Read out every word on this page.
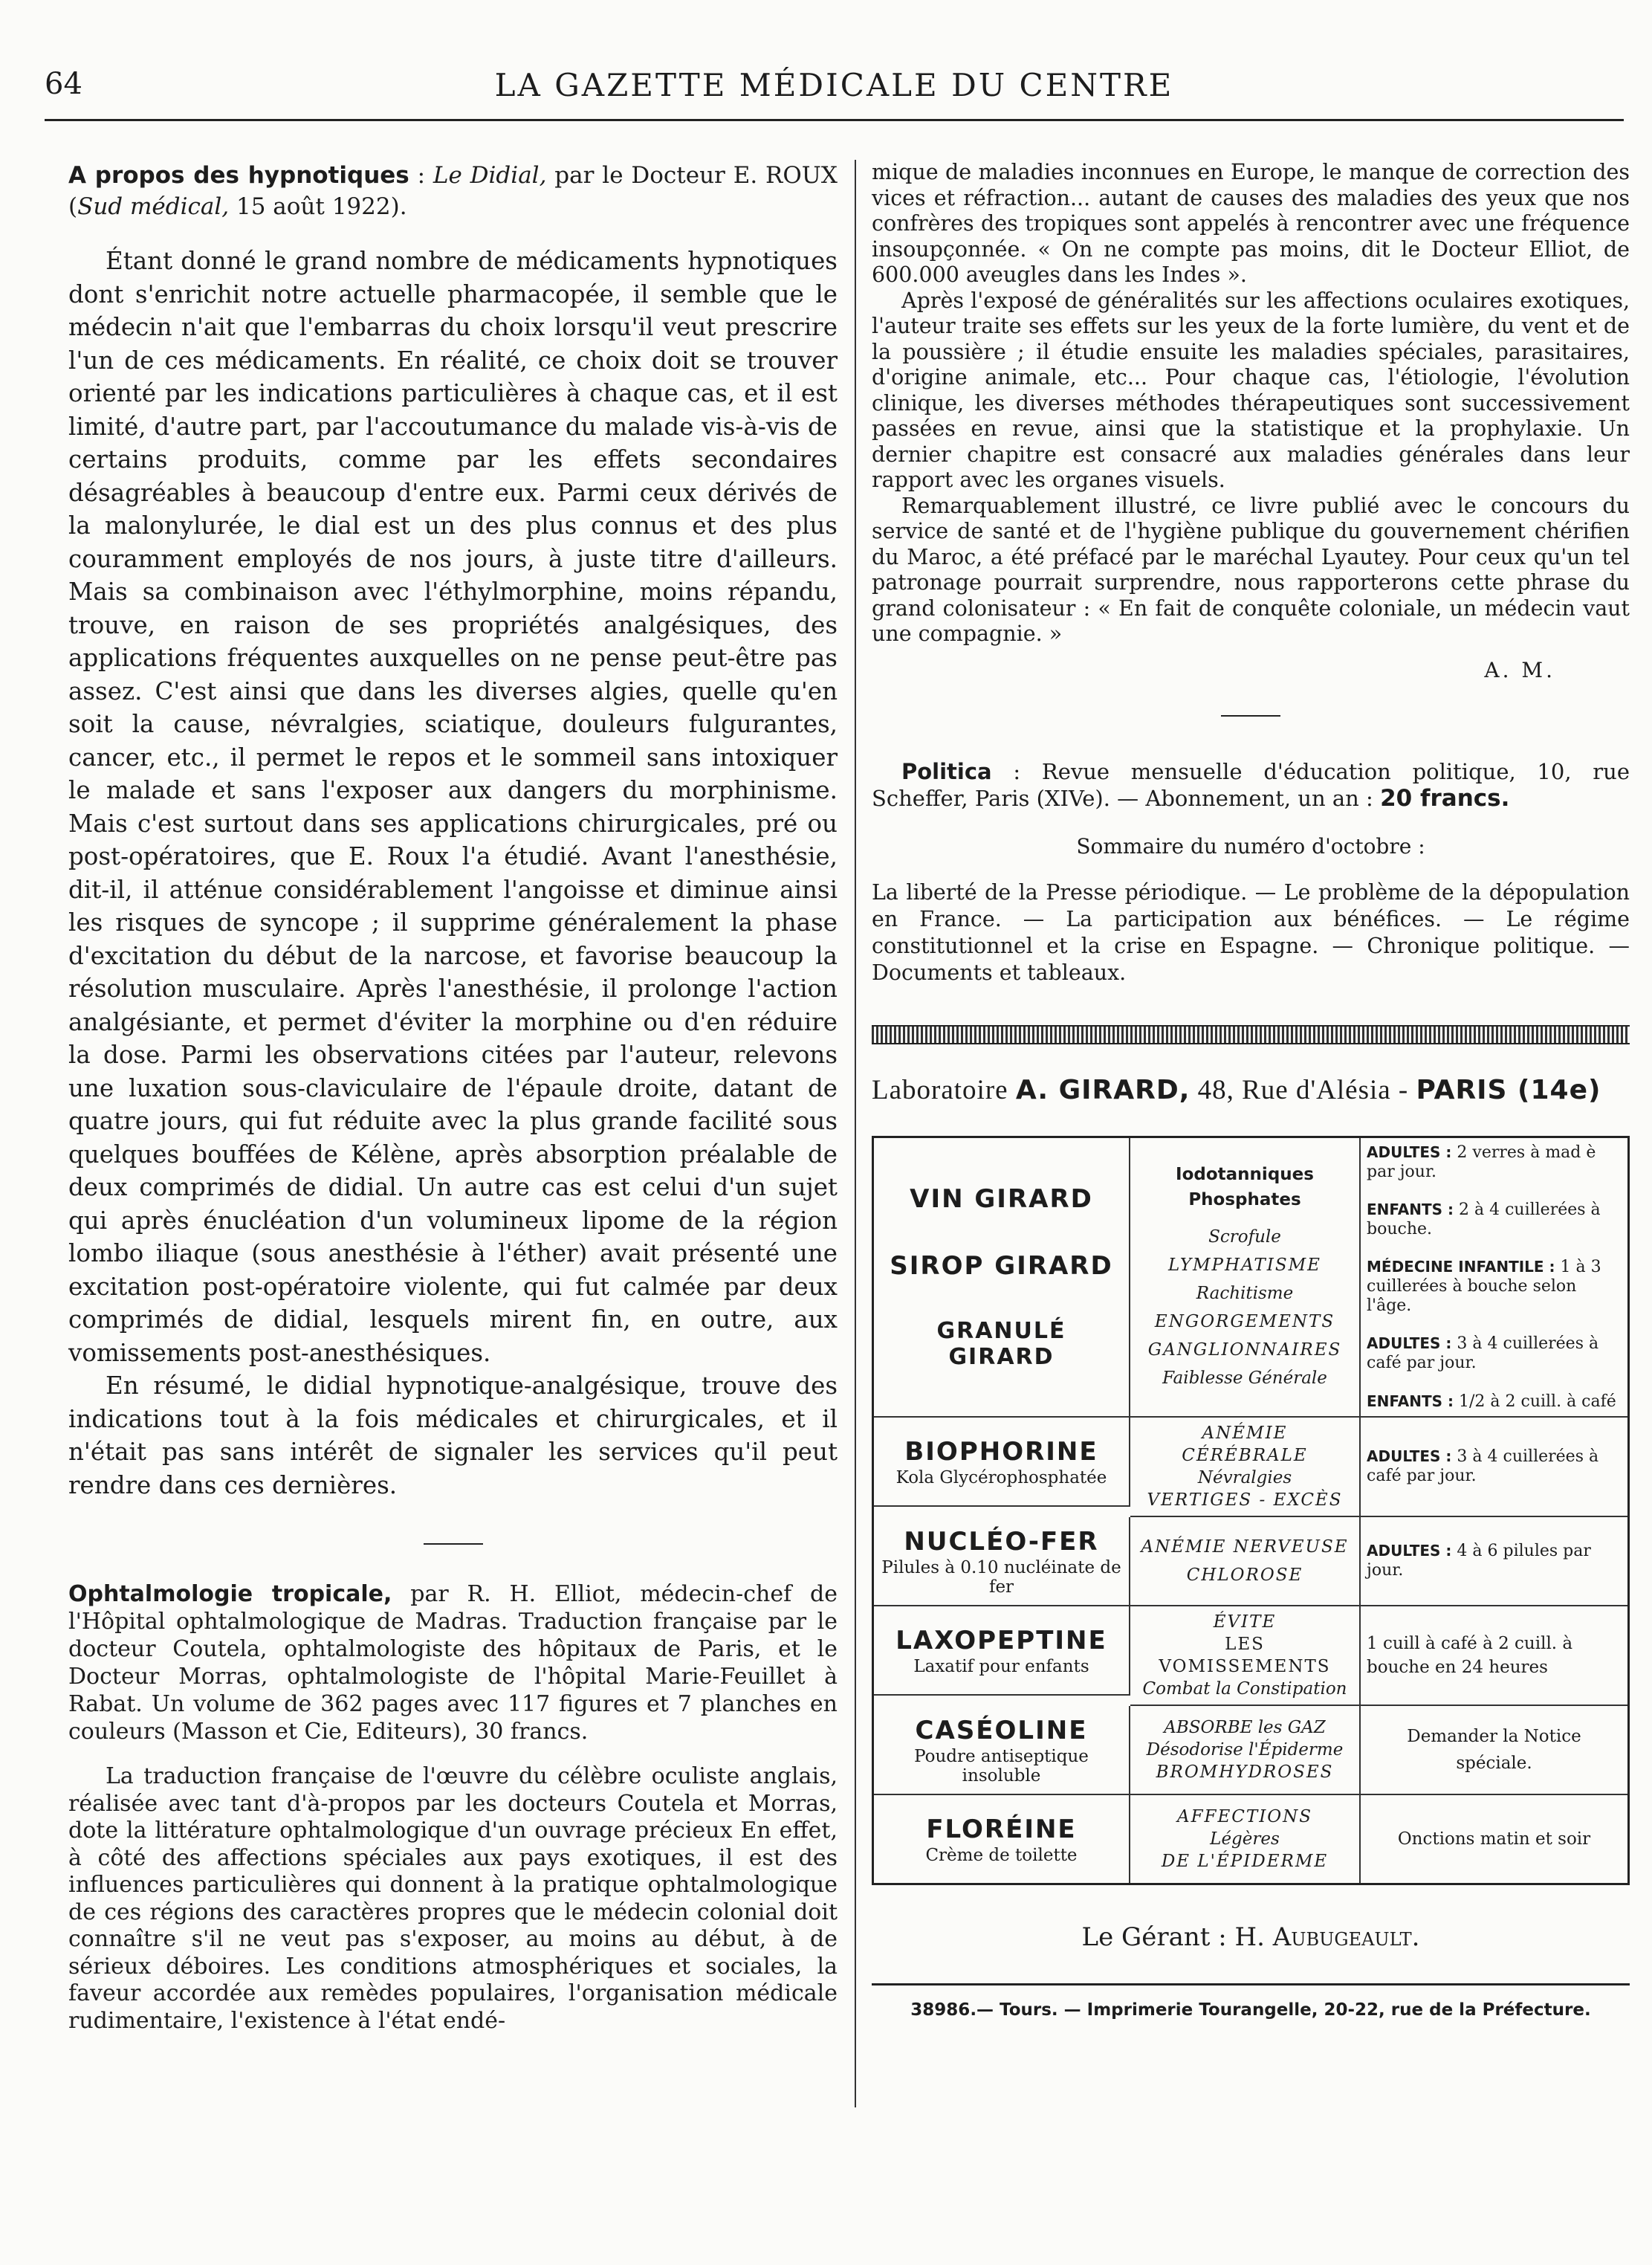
64	LA GAZETTE MÉDICALE DU CENTRE

A propos des hypnotiques : Le Didial, par le Docteur E. ROUX (Sud médical, 15 août 1922).

Étant donné le grand nombre de médicaments hypnotiques dont s'enrichit notre actuelle pharmacopée, il semble que le médecin n'ait que l'embarras du choix lorsqu'il veut prescrire l'un de ces médicaments. En réalité, ce choix doit se trouver orienté par les indications particulières à chaque cas, et il est limité, d'autre part, par l'accoutumance du malade vis-à-vis de certains produits, comme par les effets secondaires désagréables à beaucoup d'entre eux. Parmi ceux dérivés de la malonylurée, le dial est un des plus connus et des plus couramment employés de nos jours, à juste titre d'ailleurs. Mais sa combinaison avec l'éthylmorphine, moins répandu, trouve, en raison de ses propriétés analgésiques, des applications fréquentes auxquelles on ne pense peut-être pas assez. C'est ainsi que dans les diverses algies, quelle qu'en soit la cause, névralgies, sciatique, douleurs fulgurantes, cancer, etc., il permet le repos et le sommeil sans intoxiquer le malade et sans l'exposer aux dangers du morphinisme. Mais c'est surtout dans ses applications chirurgicales, pré ou post-opératoires, que E. Roux l'a étudié. Avant l'anesthésie, dit-il, il atténue considérablement l'angoisse et diminue ainsi les risques de syncope ; il supprime généralement la phase d'excitation du début de la narcose, et favorise beaucoup la résolution musculaire. Après l'anesthésie, il prolonge l'action analgésiante, et permet d'éviter la morphine ou d'en réduire la dose. Parmi les observations citées par l'auteur, relevons une luxation sous-claviculaire de l'épaule droite, datant de quatre jours, qui fut réduite avec la plus grande facilité sous quelques bouffées de Kélène, après absorption préalable de deux comprimés de didial. Un autre cas est celui d'un sujet qui après énucléation d'un volumineux lipome de la région lombo iliaque (sous anesthésie à l'éther) avait présenté une excitation post-opératoire violente, qui fut calmée par deux comprimés de didial, lesquels mirent fin, en outre, aux vomissements post-anesthésiques.

En résumé, le didial hypnotique-analgésique, trouve des indications tout à la fois médicales et chirurgicales, et il n'était pas sans intérêt de signaler les services qu'il peut rendre dans ces dernières.

Ophtalmologie tropicale, par R. H. Elliot, médecin-chef de l'Hôpital ophtalmologique de Madras. Traduction française par le docteur Coutela, ophtalmologiste des hôpitaux de Paris, et le Docteur Morras, ophtalmologiste de l'hôpital Marie-Feuillet à Rabat. Un volume de 362 pages avec 117 figures et 7 planches en couleurs (Masson et Cie, Editeurs), 30 francs.

La traduction française de l'œuvre du célèbre oculiste anglais, réalisée avec tant d'à-propos par les docteurs Coutela et Morras, dote la littérature ophtalmologique d'un ouvrage précieux En effet, à côté des affections spéciales aux pays exotiques, il est des influences particulières qui donnent à la pratique ophtalmologique de ces régions des caractères propres que le médecin colonial doit connaître s'il ne veut pas s'exposer, au moins au début, à de sérieux déboires. Les conditions atmosphériques et sociales, la faveur accordée aux remèdes populaires, l'organisation médicale rudimentaire, l'existence à l'état endé-

mique de maladies inconnues en Europe, le manque de correction des vices et réfraction... autant de causes des maladies des yeux que nos confrères des tropiques sont appelés à rencontrer avec une fréquence insoupçonnée. « On ne compte pas moins, dit le Docteur Elliot, de 600.000 aveugles dans les Indes ».

Après l'exposé de généralités sur les affections oculaires exotiques, l'auteur traite ses effets sur les yeux de la forte lumière, du vent et de la poussière ; il étudie ensuite les maladies spéciales, parasitaires, d'origine animale, etc... Pour chaque cas, l'étiologie, l'évolution clinique, les diverses méthodes thérapeutiques sont successivement passées en revue, ainsi que la statistique et la prophylaxie. Un dernier chapitre est consacré aux maladies générales dans leur rapport avec les organes visuels.

Remarquablement illustré, ce livre publié avec le concours du service de santé et de l'hygiène publique du gouvernement chérifien du Maroc, a été préfacé par le maréchal Lyautey. Pour ceux qu'un tel patronage pourrait surprendre, nous rapporterons cette phrase du grand colonisateur : « En fait de conquête coloniale, un médecin vaut une compagnie. »

A. M.

Politica : Revue mensuelle d'éducation politique, 10, rue Scheffer, Paris (XIVe). — Abonnement, un an : 20 francs.

Sommaire du numéro d'octobre :

La liberté de la Presse périodique. — Le problème de la dépopulation en France. — La participation aux bénéfices. — Le régime constitutionnel et la crise en Espagne. — Chronique politique. — Documents et tableaux.

Laboratoire A. GIRARD, 48, Rue d'Alésia - PARIS (14e)
VIN GIRARD
SIROP GIRARD
GRANULÉ GIRARD
Iodotanniques
Phosphates
Scrofule
LYMPHATISME
Rachitisme
ENGORGEMENTS
GANGLIONNAIRES
Faiblesse Générale
ADULTES : 2 verres à mad è par jour.
ENFANTS : 2 à 4 cuillerées à bouche.
MÉDECINE INFANTILE : 1 à 3 cuillerées à bouche selon l'âge.
ADULTES : 3 à 4 cuillerées à café par jour.
ENFANTS : 1/2 à 2 cuill. à café
BIOPHORINE
Kola Glycérophosphatée
ANÉMIE CÉRÉBRALE
Névralgies
VERTIGES - EXCÈS
ADULTES : 3 à 4 cuillerées à café par jour.
NUCLÉO-FER
Pilules à 0.10 nucléinate de fer
ANÉMIE NERVEUSE
CHLOROSE
ADULTES : 4 à 6 pilules par jour.
LAXOPEPTINE
Laxatif pour enfants
ÉVITE
LES VOMISSEMENTS
Combat la Constipation
1 cuill à café à 2 cuill. à bouche en 24 heures
CASÉOLINE
Poudre antiseptique insoluble
ABSORBE les GAZ
Désodorise l'Épiderme
BROMHYDROSES
Demander la Notice spéciale.
FLORÉINE
Crème de toilette
AFFECTIONS
Légères
DE L'ÉPIDERME
Onctions matin et soir
Le Gérant : H. Aubugeault.
38986.— Tours. — Imprimerie Tourangelle, 20-22, rue de la Préfecture.
